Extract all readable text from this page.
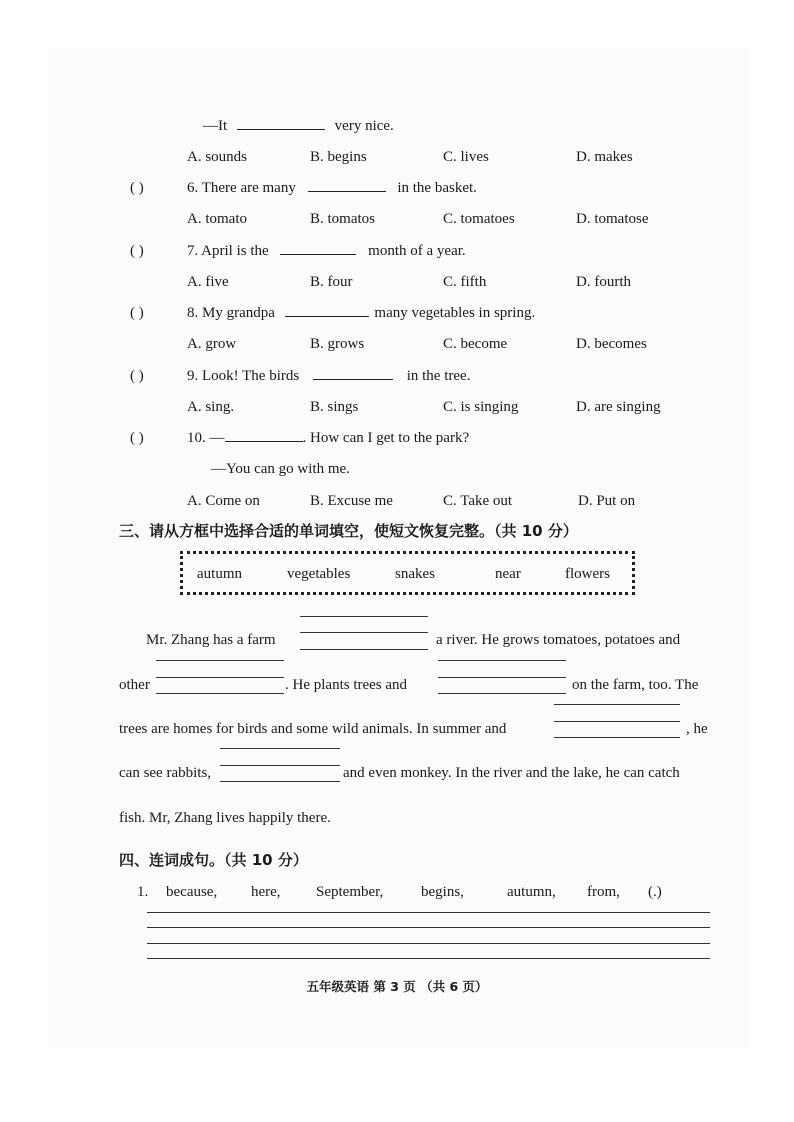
—It	very nice.
A. sounds	B. begins	C. lives	D. makes
( )	6. There are many	in the basket.
A. tomato	B. tomatos	C. tomatoes	D. tomatose
( )	7. April is the	month of a year.
A. five	B. four	C. fifth	D. fourth
( )	8. My grandpa	many vegetables in spring.
A. grow	B. grows	C. become	D. becomes
( )	9. Look! The birds	in the tree.
A. sing.	B. sings	C. is singing	D. are singing
( )	10. —	. How can I get to the park?
—You can go with me.
A. Come on	B. Excuse me	C. Take out	D. Put on
三、请从方框中选择合适的单词填空，使短文恢复完整。（共 10 分）
autumn	vegetables	snakes	near	flowers
Mr. Zhang has a farm	a river. He grows tomatoes, potatoes and
other	. He plants trees and	on the farm, too. The
trees are homes for birds and some wild animals. In summer and	, he
can see rabbits,	and even monkey. In the river and the lake, he can catch
fish. Mr, Zhang lives happily there.
四、连词成句。（共 10 分）
1. because, here, September,	begins,	autumn, from, (.)
五年级英语 第 3 页 （共 6 页）
